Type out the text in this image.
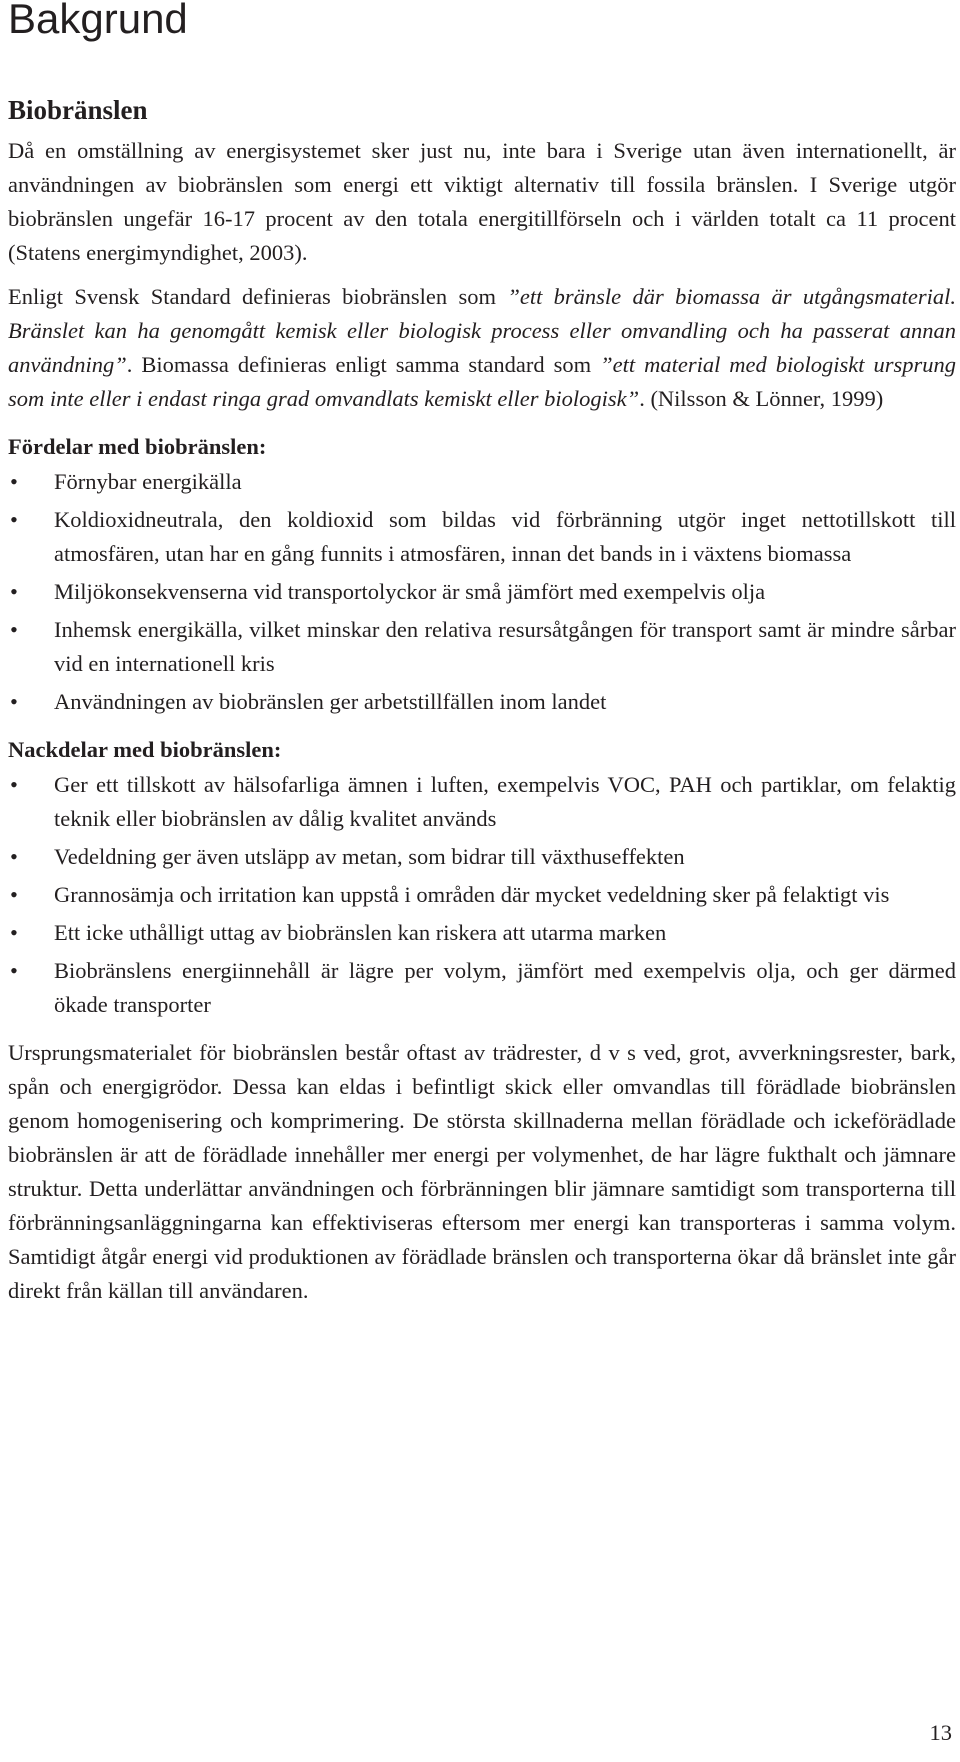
Bakgrund
Biobränslen

Då en omställning av energisystemet sker just nu, inte bara i Sverige utan även internationellt, är användningen av biobränslen som energi ett viktigt alternativ till fossila bränslen. I Sverige utgör biobränslen ungefär 16-17 procent av den totala energitillförseln och i världen totalt ca 11 procent (Statens energimyndighet, 2003).

Enligt Svensk Standard definieras biobränslen som ”ett bränsle där biomassa är utgångsmaterial. Bränslet kan ha genomgått kemisk eller biologisk process eller omvandling och ha passerat annan användning”. Biomassa definieras enligt samma standard som ”ett material med biologiskt ursprung som inte eller i endast ringa grad omvandlats kemiskt eller biologisk”. (Nilsson & Lönner, 1999)

Fördelar med biobränslen:
• Förnybar energikälla
• Koldioxidneutrala, den koldioxid som bildas vid förbränning utgör inget nettotillskott till atmosfären, utan har en gång funnits i atmosfären, innan det bands in i växtens biomassa
• Miljökonsekvenserna vid transportolyckor är små jämfört med exempelvis olja
• Inhemsk energikälla, vilket minskar den relativa resursåtgången för transport samt är mindre sårbar vid en internationell kris
• Användningen av biobränslen ger arbetstillfällen inom landet
Nackdelar med biobränslen:
• Ger ett tillskott av hälsofarliga ämnen i luften, exempelvis VOC, PAH och partiklar, om felaktig teknik eller biobränslen av dålig kvalitet används
• Vedeldning ger även utsläpp av metan, som bidrar till växthuseffekten
• Grannosämja och irritation kan uppstå i områden där mycket vedeldning sker på felaktigt vis
• Ett icke uthålligt uttag av biobränslen kan riskera att utarma marken
• Biobränslens energiinnehåll är lägre per volym, jämfört med exempelvis olja, och ger därmed ökade transporter

Ursprungsmaterialet för biobränslen består oftast av trädrester, d v s ved, grot, avverkningsrester, bark, spån och energigrödor. Dessa kan eldas i befintligt skick eller omvandlas till förädlade biobränslen genom homogenisering och komprimering. De största skillnaderna mellan förädlade och ickeförädlade biobränslen är att de förädlade innehåller mer energi per volymenhet, de har lägre fukthalt och jämnare struktur. Detta underlättar användningen och förbränningen blir jämnare samtidigt som transporterna till förbränningsanläggningarna kan effektiviseras eftersom mer energi kan transporteras i samma volym. Samtidigt åtgår energi vid produktionen av förädlade bränslen och transporterna ökar då bränslet inte går direkt från källan till användaren.

13
